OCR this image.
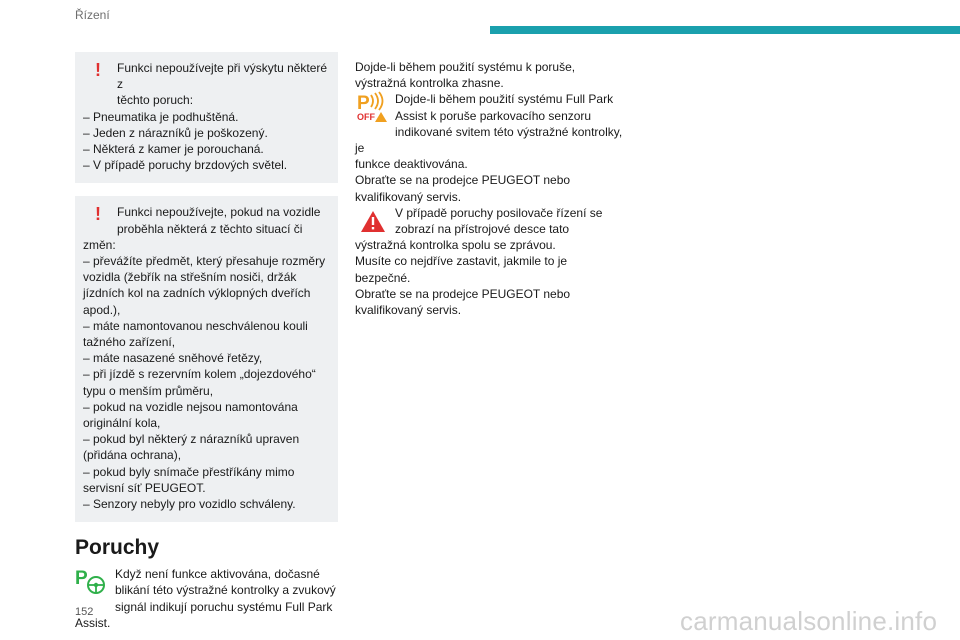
Řízení
! Funkci nepoužívejte při výskytu některé z
těchto poruch:
– Pneumatika je podhuštěná.
– Jeden z nárazníků je poškozený.
– Některá z kamer je porouchaná.
– V případě poruchy brzdových světel.
! Funkci nepoužívejte, pokud na vozidle
proběhla některá z těchto situací či
změn:
– převážíte předmět, který přesahuje rozměry
vozidla (žebřík na střešním nosiči, držák
jízdních kol na zadních výklopných dveřích
apod.),
– máte namontovanou neschválenou kouli
tažného zařízení,
– máte nasazené sněhové řetězy,
– při jízdě s rezervním kolem „dojezdového“
typu o menším průměru,
– pokud na vozidle nejsou namontována
originální kola,
– pokud byl některý z nárazníků upraven
(přidána ochrana),
– pokud byly snímače přestříkány mimo
servisní síť PEUGEOT.
– Senzory nebyly pro vozidlo schváleny.
Poruchy
P	Když není funkce aktivována, dočasné
blikání této výstražné kontrolky a zvukový
signál indikují poruchu systému Full Park Assist.
Dojde-li během použití systému k poruše,
výstražná kontrolka zhasne.
P
OFF
Dojde-li během použití systému Full Park
Assist k poruše parkovacího senzoru
indikované svitem této výstražné kontrolky, je
funkce deaktivována.
Obraťte se na prodejce PEUGEOT nebo
kvalifikovaný servis.
V případě poruchy posilovače řízení se
zobrazí na přístrojové desce tato
výstražná kontrolka spolu se zprávou.
Musíte co nejdříve zastavit, jakmile to je
bezpečné.
Obraťte se na prodejce PEUGEOT nebo
kvalifikovaný servis.
152	carmanualsonline.info
